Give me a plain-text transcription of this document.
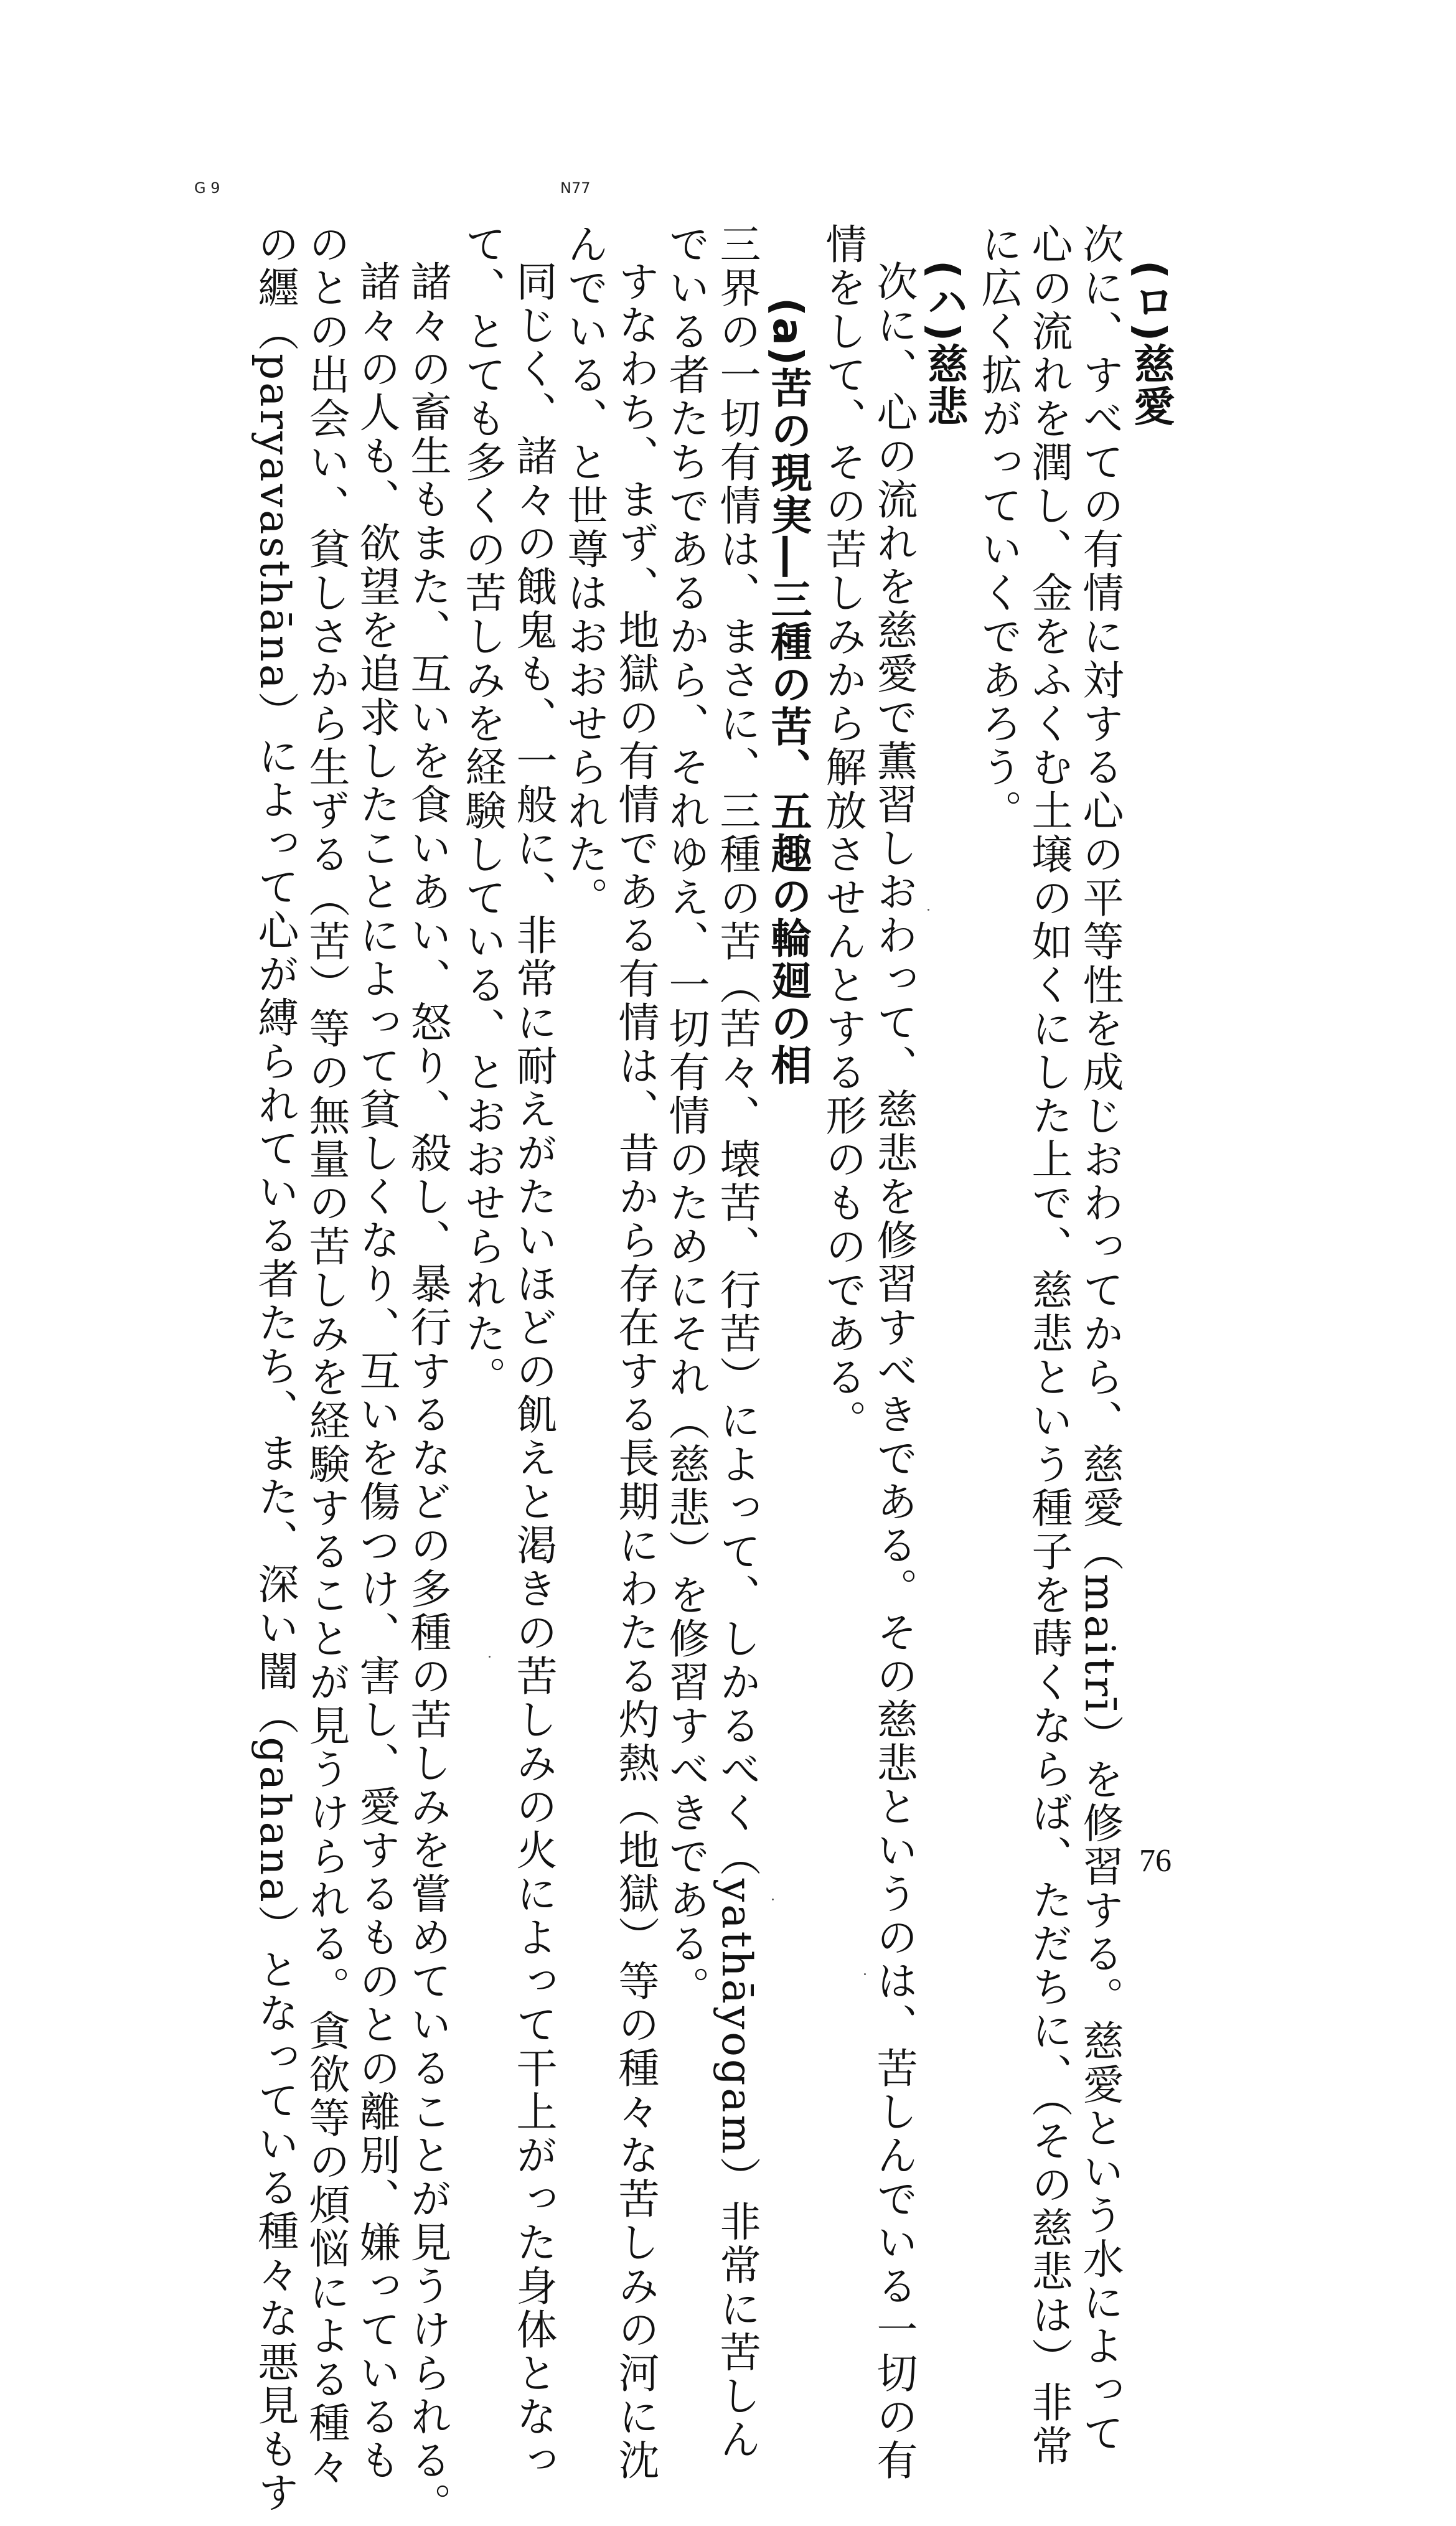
(ロ)慈愛
次に、すべての有情に対する心の平等性を成じおわってから、慈愛（maitrī）を修習する。慈愛という水によって
心の流れを潤し、金をふくむ土壌の如くにした上で、慈悲という種子を蒔くならば、ただちに、（その慈悲は）非常
に広く拡がっていくであろう。
(ハ)慈悲
次に、心の流れを慈愛で薫習しおわって、慈悲を修習すべきである。その慈悲というのは、苦しんでいる一切の有
情をして、その苦しみから解放させんとする形のものである。
(a)苦の現実―三種の苦、五趣の輪廻の相
三界の一切有情は、まさに、三種の苦（苦々、壊苦、行苦）によって、しかるべく（yathāyogam）非常に苦しん
でいる者たちであるから、それゆえ、一切有情のためにそれ（慈悲）を修習すべきである。
すなわち、まず、地獄の有情である有情は、昔から存在する長期にわたる灼熱（地獄）等の種々な苦しみの河に沈
んでいる、と世尊はおおせられた。
同じく、諸々の餓鬼も、一般に、非常に耐えがたいほどの飢えと渇きの苦しみの火によって干上がった身体となっ
て、とても多くの苦しみを経験している、とおおせられた。
諸々の畜生もまた、互いを食いあい、怒り、殺し、暴行するなどの多種の苦しみを嘗めていることが見うけられる。
諸々の人も、欲望を追求したことによって貧しくなり、互いを傷つけ、害し、愛するものとの離別、嫌っているも
のとの出会い、貧しさから生ずる（苦）等の無量の苦しみを経験することが見うけられる。貪欲等の煩悩による種々
の纒（paryavasthāna）によって心が縛られている者たち、また、深い闇（gahana）となっている種々な悪見もす
N77
G 9
76
